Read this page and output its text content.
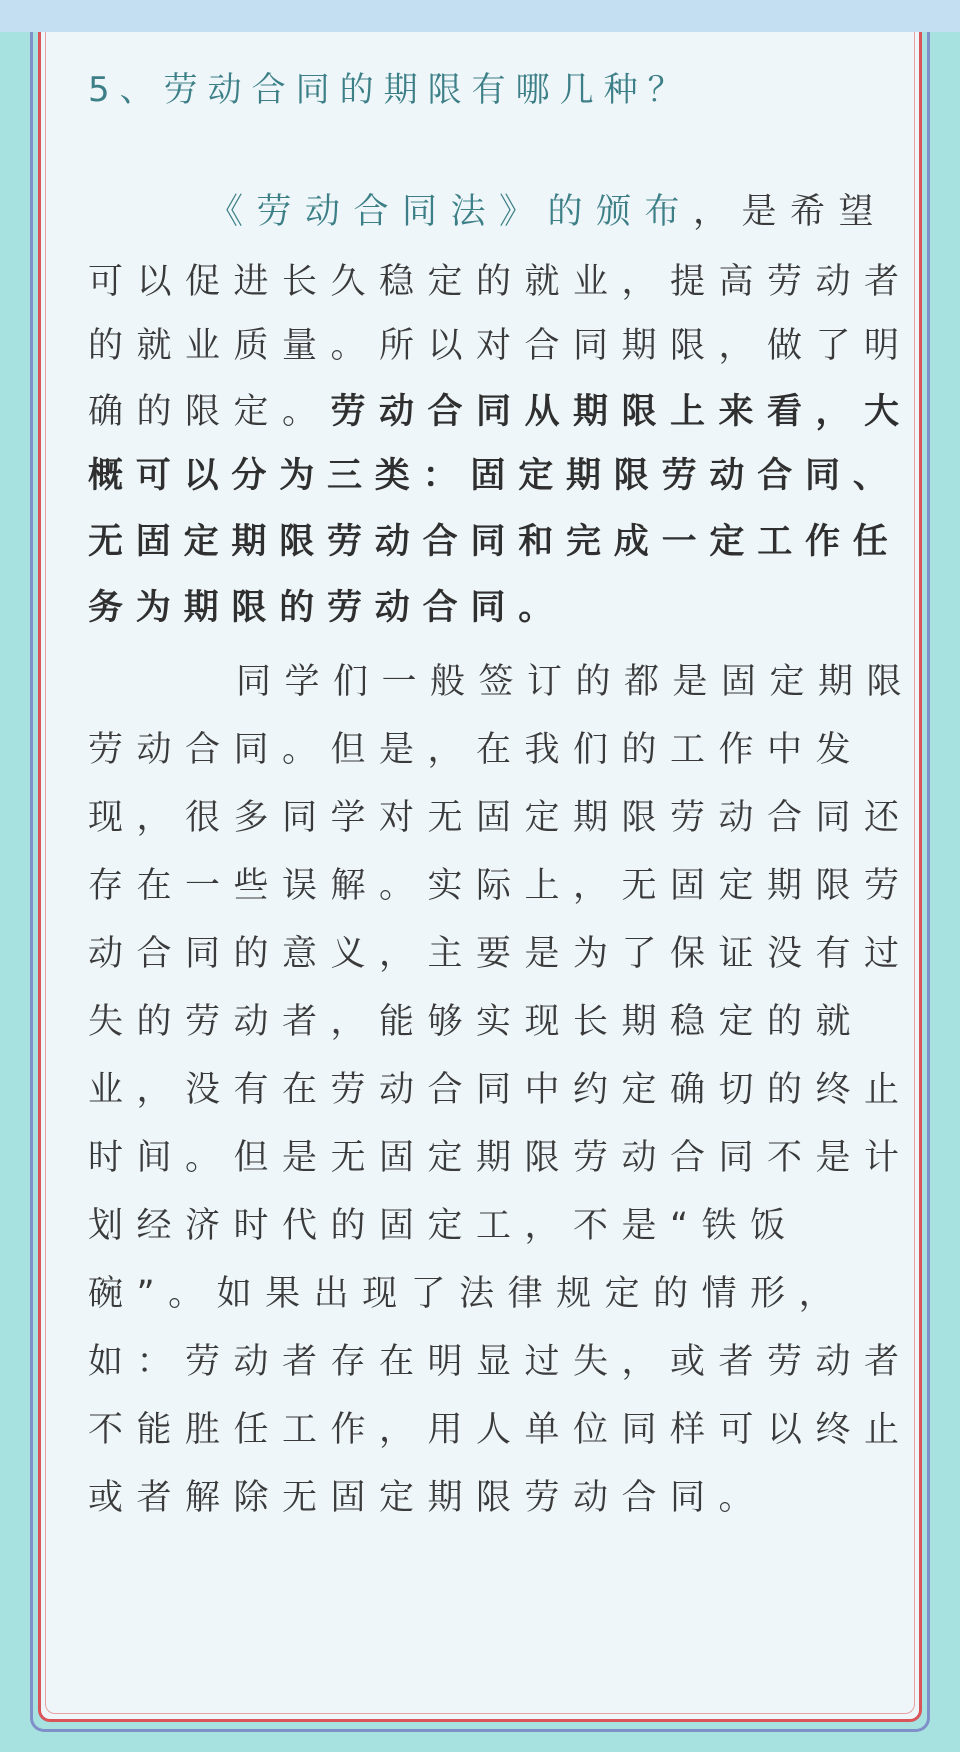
5、劳动合同的期限有哪几种？
《劳动合同法》的颁布，是希望
可以促进长久稳定的就业，提高劳动者
的就业质量。所以对合同期限，做了明
确的限定。劳动合同从期限上来看，大
概可以分为三类：固定期限劳动合同、
无固定期限劳动合同和完成一定工作任
务为期限的劳动合同。
同学们一般签订的都是固定期限
劳动合同。但是，在我们的工作中发
现，很多同学对无固定期限劳动合同还
存在一些误解。实际上，无固定期限劳
动合同的意义，主要是为了保证没有过
失的劳动者，能够实现长期稳定的就
业，没有在劳动合同中约定确切的终止
时间。但是无固定期限劳动合同不是计
划经济时代的固定工，不是“铁饭
碗”。如果出现了法律规定的情形，
如：劳动者存在明显过失，或者劳动者
不能胜任工作，用人单位同样可以终止
或者解除无固定期限劳动合同。
